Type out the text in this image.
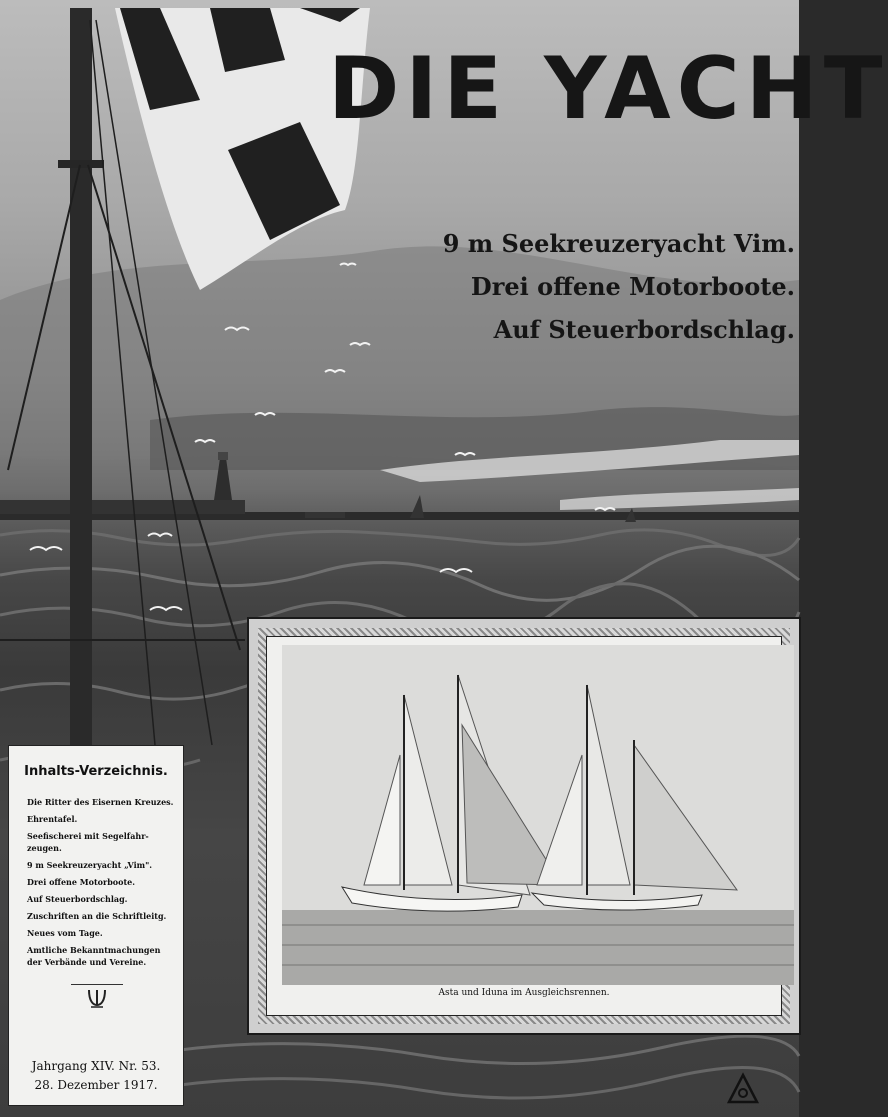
DIE YACHT

9 m Seekreuzeryacht Vim.

Drei offene Motorboote.

Auf Steuerbordschlag.

Asta und Iduna im Ausgleichsrennen.

Inhalts-Verzeichnis.
Die Ritter des Eisernen Kreuzes.
Ehrentafel.
Seefischerei mit Segelfahr-
zeugen.
9 m Seekreuzeryacht „Vim".
Drei offene Motorboote.
Auf Steuerbordschlag.
Zuschriften an die Schriftleitg.
Neues vom Tage.
Amtliche Bekanntmachungen
der Verbände und Vereine.

Jahrgang XIV. Nr. 53.

28. Dezember 1917.
